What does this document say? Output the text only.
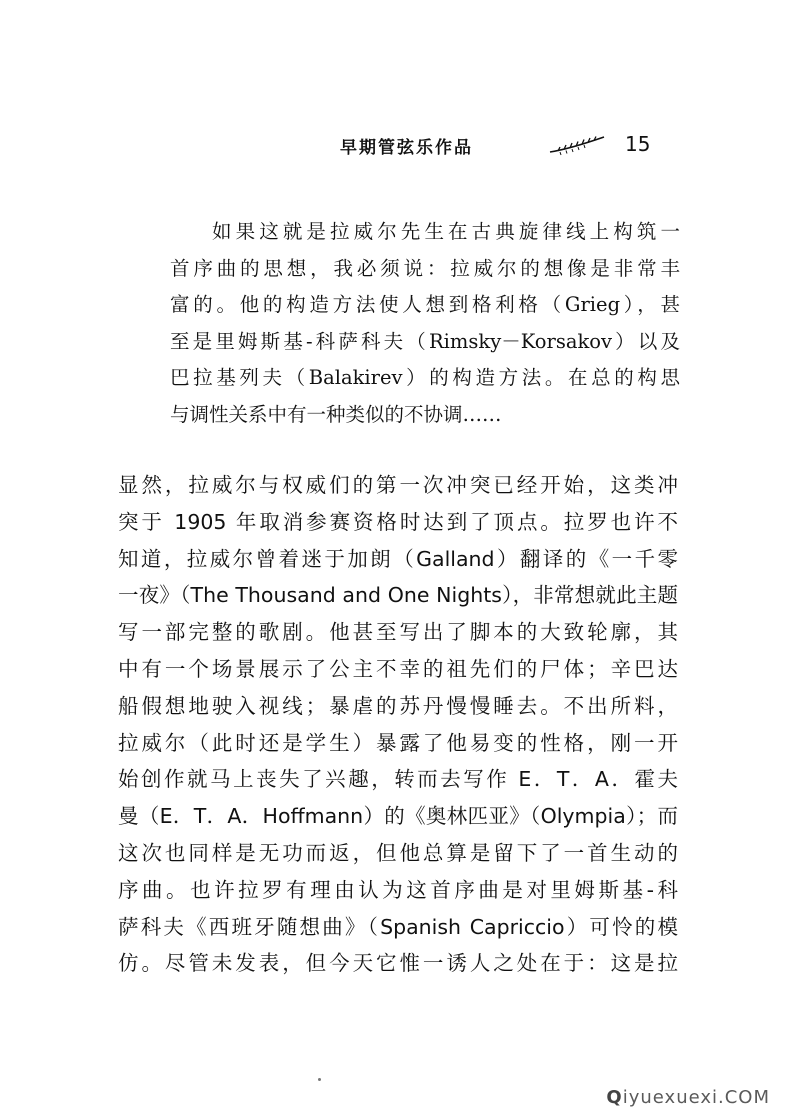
早期管弦乐作品	15
如果这就是拉威尔先生在古典旋律线上构筑一
首序曲的思想，我必须说：拉威尔的想像是非常丰
富的。他的构造方法使人想到格利格（Grieg），甚
至是里姆斯基-科萨科夫（Rimsky－Korsakov）以及
巴拉基列夫（Balakirev）的构造方法。在总的构思
与调性关系中有一种类似的不协调……
显然，拉威尔与权威们的第一次冲突已经开始，这类冲
突于 1905 年取消参赛资格时达到了顶点。拉罗也许不
知道，拉威尔曾着迷于加朗（Galland）翻译的《一千零
一夜》（The Thousand and One Nights），非常想就此主题
写一部完整的歌剧。他甚至写出了脚本的大致轮廓，其
中有一个场景展示了公主不幸的祖先们的尸体；辛巴达
船假想地驶入视线；暴虐的苏丹慢慢睡去。不出所料，
拉威尔（此时还是学生）暴露了他易变的性格，刚一开
始创作就马上丧失了兴趣，转而去写作 E．T．A．霍夫
曼（E．T．A．Hoffmann）的《奥林匹亚》（Olympia）；而
这次也同样是无功而返，但他总算是留下了一首生动的
序曲。也许拉罗有理由认为这首序曲是对里姆斯基-科
萨科夫《西班牙随想曲》（Spanish Capriccio）可怜的模
仿。尽管未发表，但今天它惟一诱人之处在于：这是拉
Qiyuexuexi.COM
